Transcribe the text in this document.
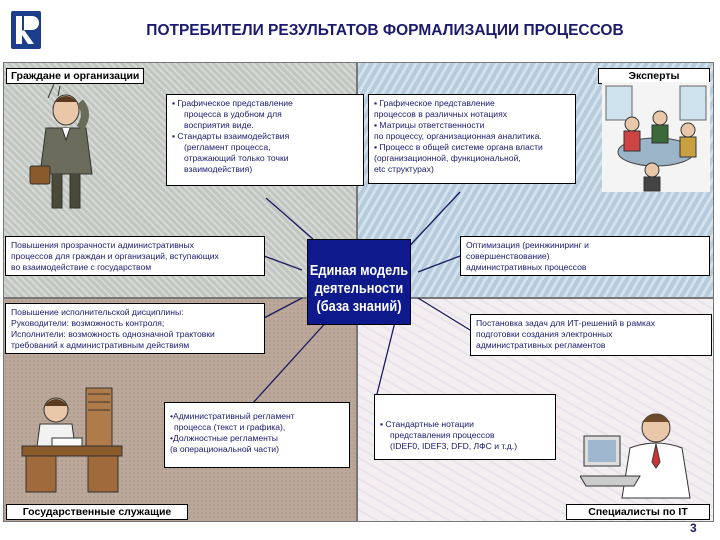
ПОТРЕБИТЕЛИ РЕЗУЛЬТАТОВ ФОРМАЛИЗАЦИИ ПРОЦЕССОВ
Граждане и организации	Эксперты
Государственные служащие	Специалисты по IT
▪ Графическое представление
процесса в удобном для
восприятия виде.
▪ Стандарты взаимодействия
(регламент процесса,
отражающий только точки
взаимодействия)
▪ Графическое представление
процессов в различных нотациях
▪ Матрицы ответственности
по процессу, организационная аналитика.
▪ Процесс в общей системе органа власти
(организационной, функциональной,
etc структурах)
Повышения прозрачности административных
процессов для граждан и организаций, вступающих
во взаимодействие с государством
Повышение исполнительской дисциплины:
Руководители: возможность контроля;
Исполнители: возможность однозначной трактовки
требований к административным действиям
Оптимизация (реинжиниринг и
совершенствование)
административных процессов
Постановка задач для ИТ-решений в рамках
подготовки создания электронных
административных регламентов
•Административный регламент
процесса (текст и графика),
•Должностные регламенты
(в операциональной части)
▪ Стандартные нотации
представления процессов
(IDEF0, IDEF3, DFD, ЛФС и т.д.)
Единая модель
деятельности
(база знаний)
3
